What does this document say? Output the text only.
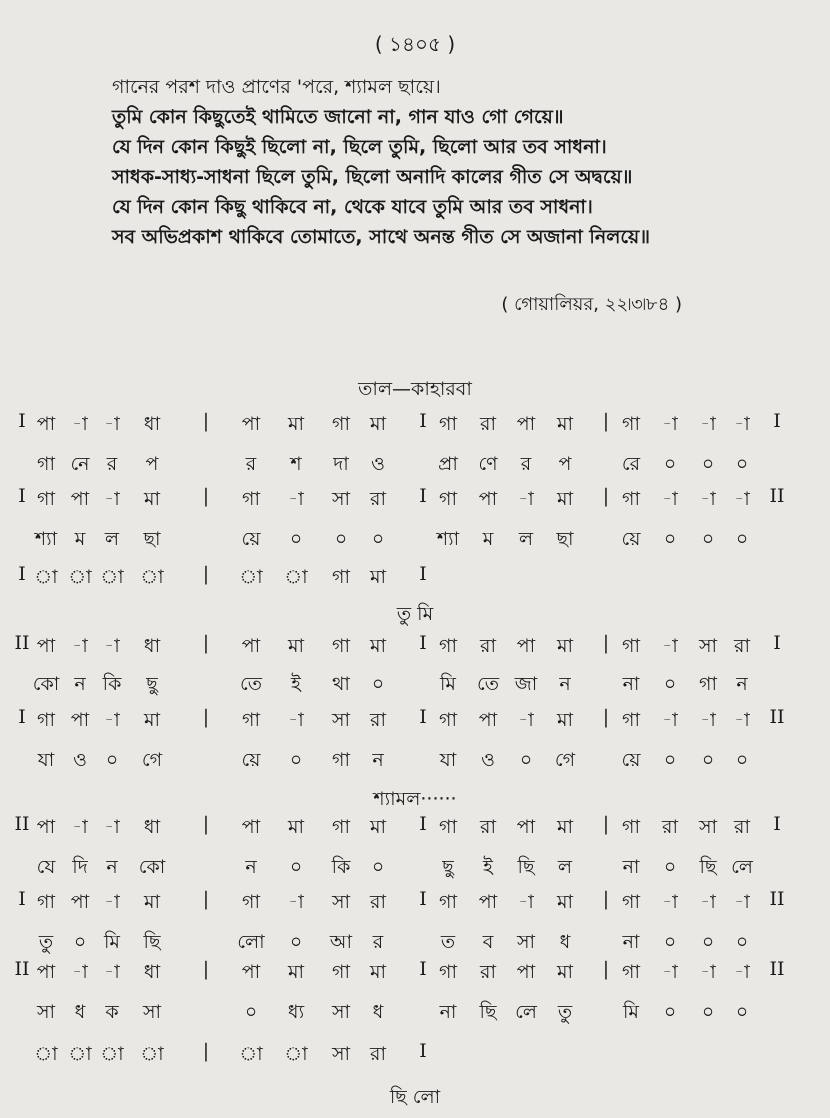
( ১৪০৫ )
গানের পরশ দাও প্রাণের 'পরে, শ্যামল ছায়ে।
তুমি কোন কিছুতেই থামিতে জানো না, গান যাও গো গেয়ে॥
যে দিন কোন কিছুই ছিলো না, ছিলে তুমি, ছিলো আর তব সাধনা।
সাধক-সাধ্য-সাধনা ছিলে তুমি, ছিলো অনাদি কালের গীত সে অদ্বয়ে॥
যে দিন কোন কিছু থাকিবে না, থেকে যাবে তুমি আর তব সাধনা।
সব অভিপ্রকাশ থাকিবে তোমাতে, সাথে অনন্ত গীত সে অজানা নিলয়ে॥
( গোয়ালিয়র, ২২৷৩৷৮৪ )
তাল—কাহারবা
I পা -া -া ধা | পা মা গা মা I গা রা পা মা | গা -া -া -া I
গা নে র প	র শ দা ও	প্রা ণে র প	রে ০ ০ ০
I গা পা -া মা | গা -া সা রা I গা পা -া মা | গা -া -া -া II
শ্যা ম ল ছা	য়ে ০ ০ ০	শ্যা ম ল ছা	য়ে ০ ০ ০
I া া া া | া া গা মা I
II পা -া -া ধা | পা মা গা মা I গা রা পা মা | গা -া সা রা I
কো ন কি ছু	তে ই থা ০	মি তে জা ন	না ০ গা ন
I গা পা -া মা | গা -া সা রা I গা পা -া মা | গা -া -া -া II
যা ও ০ গে	য়ে ০ গা ন	যা ও ০ গে য়ে ০ ০ ০
II পা -া -া ধা | পা মা গা মা I গা রা পা মা | গা রা সা রা I
যে দি ন কো	ন ০ কি ০	ছু ই ছি ল	না ০ ছি লে
I গা পা -া মা | গা -া সা রা I গা পা -া মা | গা -া -া -া II
তু ০ মি ছি	লো ০ আ র	ত ব সা ধ	না ০ ০ ০
II পা -া -া ধা | পা মা গা মা I গা রা পা মা | গা -া -া -া II
সা ধ ক সা	০ ধ্য সা ধ	না ছি লে তু	মি ০ ০ ০
া া া া | া া সা রা I
তু মি
শ্যামল······
ছি লো
